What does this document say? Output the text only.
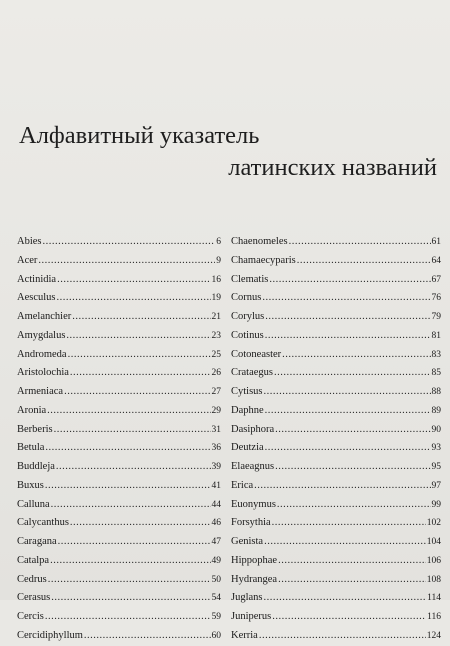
Алфавитный указатель
латинских названий
Abies .....	6
Acer .....	9
Actinidia .....	16
Aesculus .....	19
Amelanchier .....	21
Amygdalus .....	23
Andromeda .....	25
Aristolochia .....	26
Armeniaca .....	27
Aronia .....	29
Berberis .....	31
Betula .....	36
Buddleja .....	39
Buxus .....	41
Calluna .....	44
Calycanthus .....	46
Caragana .....	47
Catalpa .....	49
Cedrus .....	50
Cerasus .....	54
Cercis .....	59
Cercidiphyllum .....	60
Chaenomeles .....	61
Chamaecyparis .....	64
Clematis .....	67
Cornus .....	76
Corylus .....	79
Cotinus .....	81
Cotoneaster .....	83
Crataegus .....	85
Cytisus .....	88
Daphne .....	89
Dasiphora .....	90
Deutzia .....	93
Elaeagnus .....	95
Erica .....	97
Euonymus .....	99
Forsythia .....	102
Genista .....	104
Hippophae .....	106
Hydrangea .....	108
Juglans .....	114
Juniperus .....	116
Kerria .....	124
